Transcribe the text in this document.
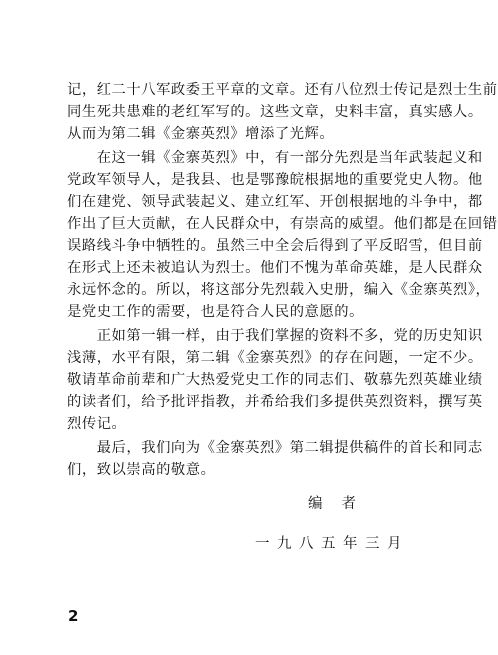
记，红二十八军政委王平章的文章。还有八位烈士传记是烈士生前
同生死共患难的老红军写的。这些文章，史料丰富，真实感人。
从而为第二辑《金寨英烈》增添了光辉。
　　在这一辑《金寨英烈》中，有一部分先烈是当年武装起义和
党政军领导人，是我县、也是鄂豫皖根据地的重要党史人物。他
们在建党、领导武装起义、建立红军、开创根据地的斗争中，都
作出了巨大贡献，在人民群众中，有崇高的威望。他们都是在回错
误路线斗争中牺牲的。虽然三中全会后得到了平反昭雪，但目前
在形式上还未被追认为烈士。他们不愧为革命英雄，是人民群众
永远怀念的。所以，将这部分先烈载入史册，编入《金寨英烈》，
是党史工作的需要，也是符合人民的意愿的。
　　正如第一辑一样，由于我们掌握的资料不多，党的历史知识
浅薄，水平有限，第二辑《金寨英烈》的存在问题，一定不少。
敬请革命前辈和广大热爱党史工作的同志们、敬慕先烈英雄业绩
的读者们，给予批评指教，并希给我们多提供英烈资料，撰写英
烈传记。
　　最后，我们向为《金寨英烈》第二辑提供稿件的首长和同志
们，致以崇高的敬意。
编者
一九八五年三月
2
